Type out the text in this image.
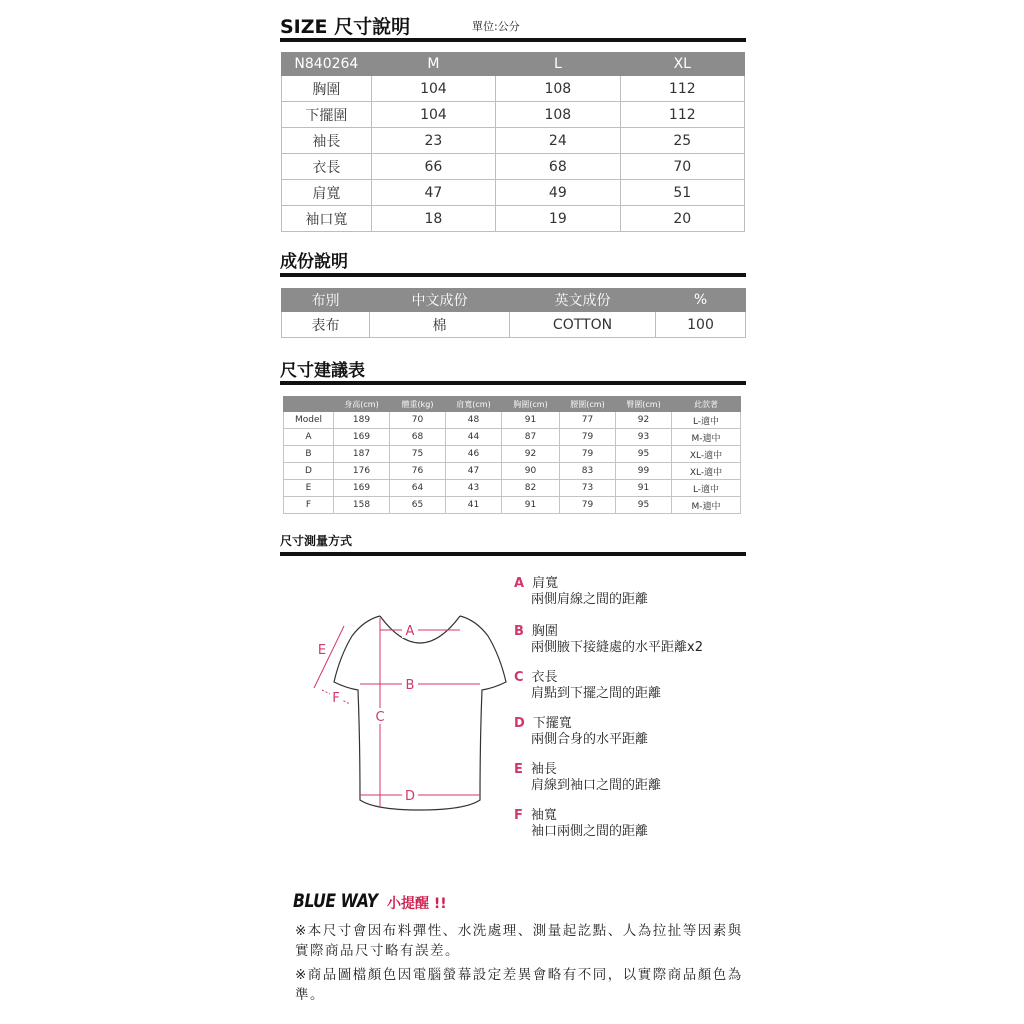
SIZE 尺寸說明	單位:公分
N840264	M	L	XL
胸圍	104	108	112
下擺圍	104	108	112
袖長	23	24	25
衣長	66	68	70
肩寬	47	49	51
袖口寬	18	19	20
成份說明
布別	中文成份	英文成份	%
表布	棉	COTTON	100
尺寸建議表
	身高(cm)	體重(kg)	肩寬(cm)	胸圍(cm)	腰圍(cm)	臀圍(cm)	此款著
Model	189	70	48	91	77	92	L-適中
A	169	68	44	87	79	93	M-適中
B	187	75	46	92	79	95	XL-適中
D	176	76	47	90	83	99	XL-適中
E	169	64	43	82	73	91	L-適中
F	158	65	41	91	79	95	M-適中
尺寸測量方式
A
B
C
D
E
F
A 肩寬
兩側肩線之間的距離
B 胸圍
兩側腋下接縫處的水平距離x2
C 衣長
肩點到下擺之間的距離
D 下擺寬
兩側合身的水平距離
E 袖長
肩線到袖口之間的距離
F 袖寬
袖口兩側之間的距離
BLUE WAY 小提醒 !!
※本尺寸會因布料彈性、水洗處理、測量起訖點、人為拉扯等因素與實際商品尺寸略有誤差。
※商品圖檔顏色因電腦螢幕設定差異會略有不同，以實際商品顏色為準。
